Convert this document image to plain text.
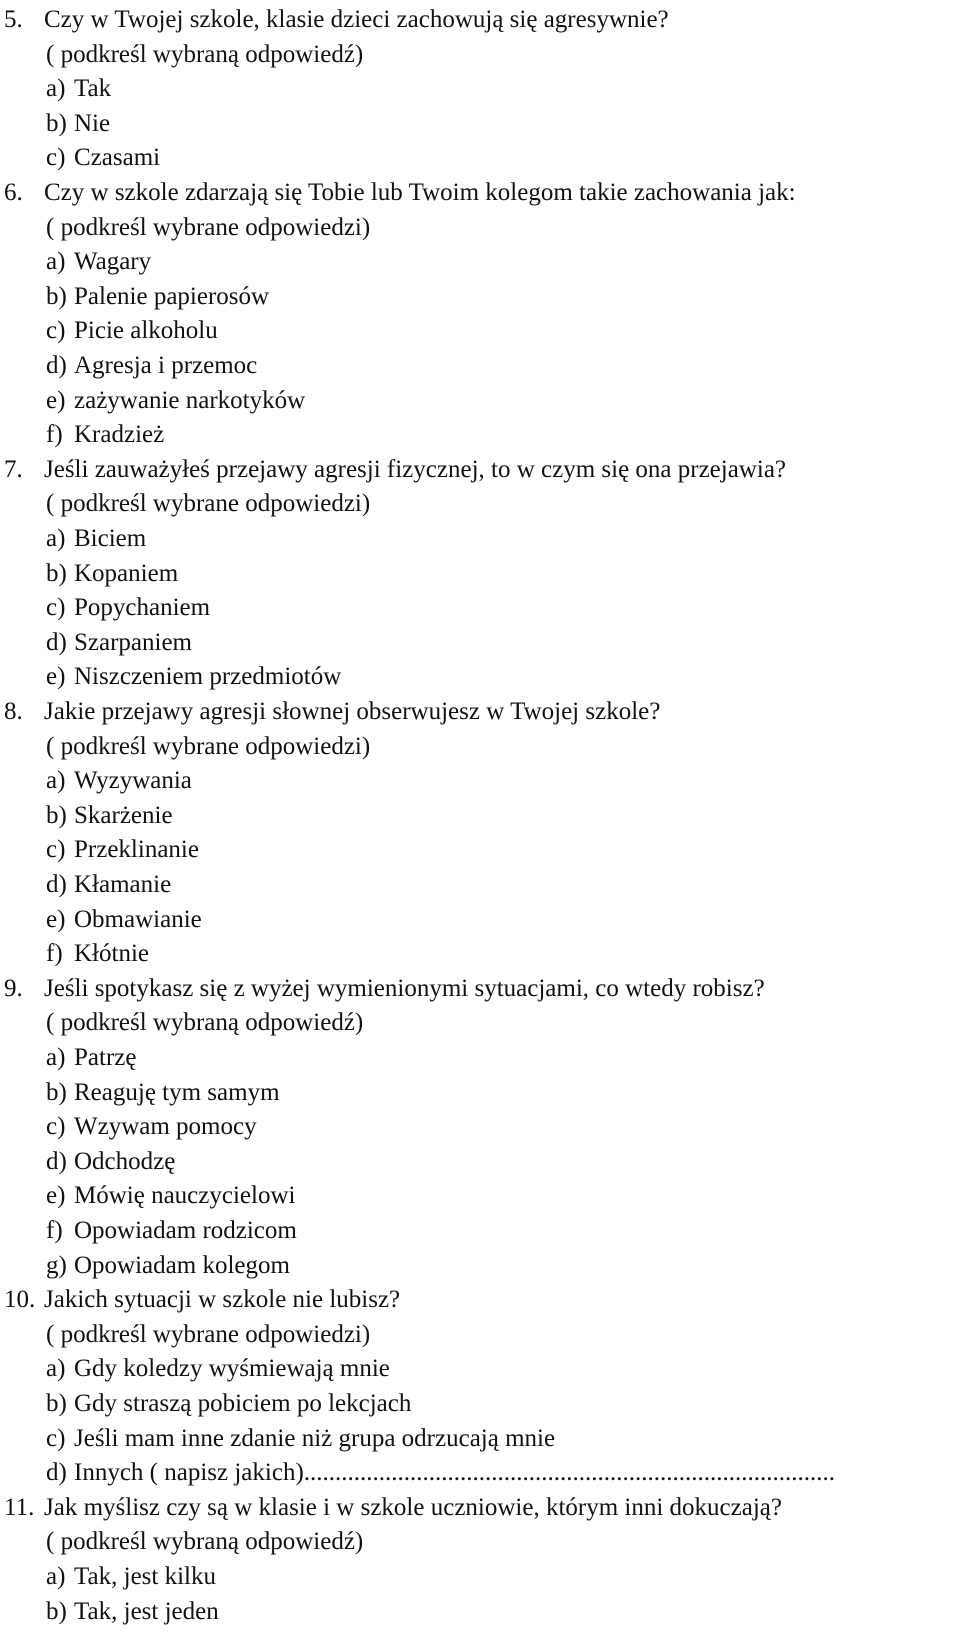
5. Czy w Twojej szkole, klasie dzieci zachowują się agresywnie?
( podkreśl wybraną odpowiedź)
a) Tak
b) Nie
c) Czasami
6. Czy w szkole zdarzają się Tobie lub Twoim kolegom takie zachowania jak:
( podkreśl wybrane odpowiedzi)
a) Wagary
b) Palenie papierosów
c) Picie alkoholu
d) Agresja i przemoc
e) zażywanie narkotyków
f) Kradzież
7. Jeśli zauważyłeś przejawy agresji fizycznej, to w czym się ona przejawia?
( podkreśl wybrane odpowiedzi)
a) Biciem
b) Kopaniem
c) Popychaniem
d) Szarpaniem
e) Niszczeniem przedmiotów
8. Jakie przejawy agresji słownej obserwujesz w Twojej szkole?
( podkreśl wybrane odpowiedzi)
a) Wyzywania
b) Skarżenie
c) Przeklinanie
d) Kłamanie
e) Obmawianie
f) Kłótnie
9. Jeśli spotykasz się z wyżej wymienionymi sytuacjami, co wtedy robisz?
( podkreśl wybraną odpowiedź)
a) Patrzę
b) Reaguję tym samym
c) Wzywam pomocy
d) Odchodzę
e) Mówię nauczycielowi
f) Opowiadam rodzicom
g) Opowiadam kolegom
10. Jakich sytuacji w szkole nie lubisz?
( podkreśl wybrane odpowiedzi)
a) Gdy koledzy wyśmiewają mnie
b) Gdy straszą pobiciem po lekcjach
c) Jeśli mam inne zdanie niż grupa odrzucają mnie
d) Innych ( napisz jakich).....................................................................................
11. Jak myślisz czy są w klasie i w szkole uczniowie, którym inni dokuczają?
( podkreśl wybraną odpowiedź)
a) Tak, jest kilku
b) Tak, jest jeden
